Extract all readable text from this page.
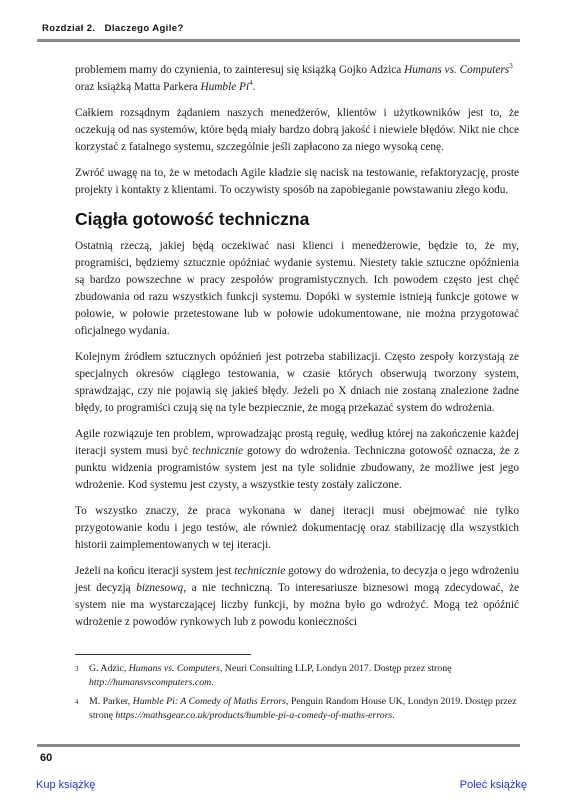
Rozdział 2. Dlaczego Agile?

problemem mamy do czynienia, to zainteresuj się książką Gojko Adzica Humans vs. Computers$^3$
oraz książką Matta Parkera Humble Pi$^4$.

Całkiem rozsądnym żądaniem naszych menedżerów, klientów i użytkowników jest to, że oczekują od nas systemów, które będą miały bardzo dobrą jakość i niewiele błędów. Nikt nie chce korzystać z fatalnego systemu, szczególnie jeśli zapłacono za niego wysoką cenę.

Zwróć uwagę na to, że w metodach Agile kładzie się nacisk na testowanie, refaktoryzację, proste projekty i kontakty z klientami. To oczywisty sposób na zapobieganie powstawaniu złego kodu.

Ciągła gotowość techniczna

Ostatnią rzeczą, jakiej będą oczekiwać nasi klienci i menedżerowie, będzie to, że my, programiści, będziemy sztucznie opóźniać wydanie systemu. Niestety takie sztuczne opóźnienia są bardzo powszechne w pracy zespołów programistycznych. Ich powodem często jest chęć zbudowania od razu wszystkich funkcji systemu. Dopóki w systemie istnieją funkcje gotowe w połowie, w połowie przetestowane lub w połowie udokumentowane, nie można przygotować oficjalnego wydania.

Kolejnym źródłem sztucznych opóźnień jest potrzeba stabilizacji. Często zespoły korzystają ze specjalnych okresów ciągłego testowania, w czasie których obserwują tworzony system, sprawdzając, czy nie pojawią się jakieś błędy. Jeżeli po X dniach nie zostaną znalezione żadne błędy, to programiści czują się na tyle bezpiecznie, że mogą przekazać system do wdrożenia.

Agile rozwiązuje ten problem, wprowadzając prostą regułę, według której na zakończenie każdej iteracji system musi być technicznie gotowy do wdrożenia. Techniczna gotowość oznacza, że z punktu widzenia programistów system jest na tyle solidnie zbudowany, że możliwe jest jego wdrożenie. Kod systemu jest czysty, a wszystkie testy zostały zaliczone.

To wszystko znaczy, że praca wykonana w danej iteracji musi obejmować nie tylko przygotowanie kodu i jego testów, ale również dokumentację oraz stabilizację dla wszystkich historii zaimplementowanych w tej iteracji.

Jeżeli na końcu iteracji system jest technicznie gotowy do wdrożenia, to decyzja o jego wdrożeniu jest decyzją biznesową, a nie techniczną. To interesariusze biznesowi mogą zdecydować, że system nie ma wystarczającej liczby funkcji, by można było go wdrożyć. Mogą też opóźnić wdrożenie z powodów rynkowych lub z powodu konieczności

3	G. Adzic, Humans vs. Computers, Neuri Consulting LLP, Londyn 2017. Dostęp przez stronę http://humansvscomputers.com.
4	M. Parker, Humble Pi: A Comedy of Maths Errors, Penguin Random House UK, Londyn 2019. Dostęp przez stronę https://mathsgear.co.uk/products/humble-pi-a-comedy-of-maths-errors.
60
Kup książkę	Poleć książkę
